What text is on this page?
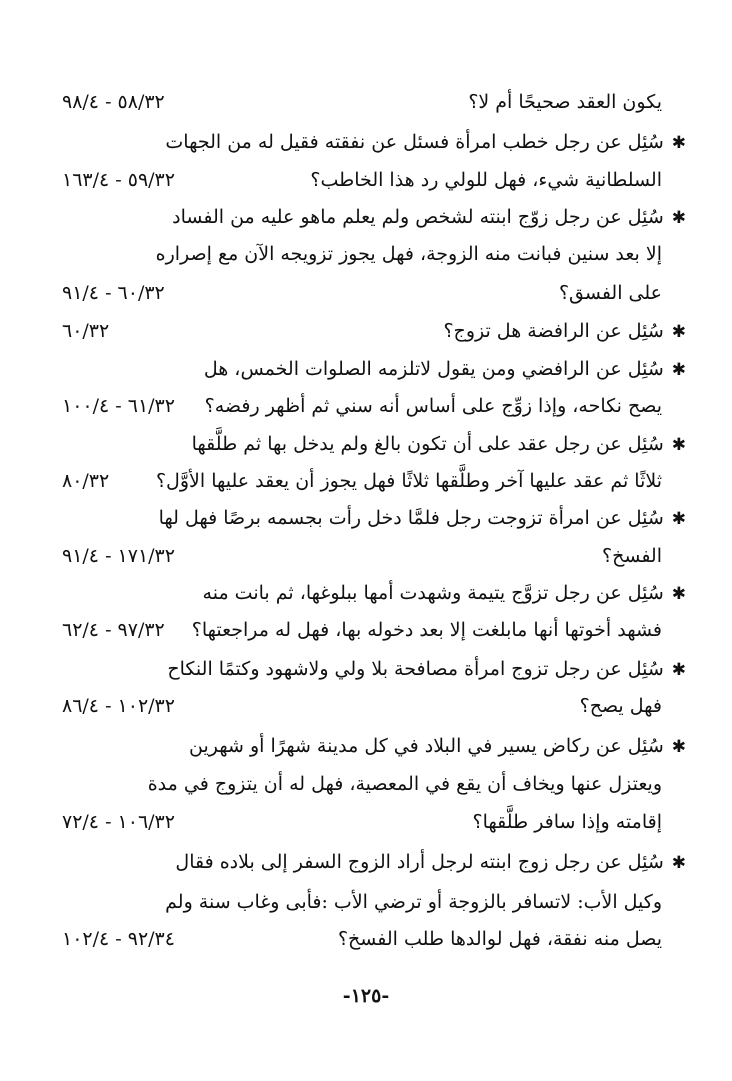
يكون العقد صحيحًا أم لا؟
٥٨/٣٢ - ٩٨/٤
✱سُئِل عن رجل خطب امرأة فسئل عن نفقته فقيل له من الجهات
السلطانية شيء، فهل للولي رد هذا الخاطب؟
٥٩/٣٢ - ١٦٣/٤
✱سُئِل عن رجل زوّج ابنته لشخص ولم يعلم ماهو عليه من الفساد
إلا بعد سنين فبانت منه الزوجة، فهل يجوز تزويجه الآن مع إصراره
على الفسق؟
٦٠/٣٢ - ٩١/٤
✱سُئِل عن الرافضة هل تزوج؟
٦٠/٣٢
✱سُئِل عن الرافضي ومن يقول لاتلزمه الصلوات الخمس، هل
يصح نكاحه، وإذا زوِّج على أساس أنه سني ثم أظهر رفضه؟
٦١/٣٢ - ١٠٠/٤
✱سُئِل عن رجل عقد على أن تكون بالغ ولم يدخل بها ثم طلَّقها
ثلاثًا ثم عقد عليها آخر وطلَّقها ثلاثًا فهل يجوز أن يعقد عليها الأوَّل؟
٨٠/٣٢
✱سُئِل عن امرأة تزوجت رجل فلمَّا دخل رأت بجسمه برصًا فهل لها
الفسخ؟
١٧١/٣٢ - ٩١/٤
✱سُئِل عن رجل تزوَّج يتيمة وشهدت أمها ببلوغها، ثم بانت منه
فشهد أخوتها أنها مابلغت إلا بعد دخوله بها، فهل له مراجعتها؟
٩٧/٣٢ - ٦٢/٤
✱سُئِل عن رجل تزوج امرأة مصافحة بلا ولي ولاشهود وكتمًا النكاح
فهل يصح؟
١٠٢/٣٢ - ٨٦/٤
✱سُئِل عن ركاض يسير في البلاد في كل مدينة شهرًا أو شهرين
ويعتزل عنها ويخاف أن يقع في المعصية، فهل له أن يتزوج في مدة
إقامته وإذا سافر طلَّقها؟
١٠٦/٣٢ - ٧٢/٤
✱سُئِل عن رجل زوج ابنته لرجل أراد الزوج السفر إلى بلاده فقال
وكيل الأب: لاتسافر بالزوجة أو ترضي الأب :فأبى وغاب سنة ولم
يصل منه نفقة، فهل لوالدها طلب الفسخ؟
٩٢/٣٤ - ١٠٢/٤
-١٢٥-
